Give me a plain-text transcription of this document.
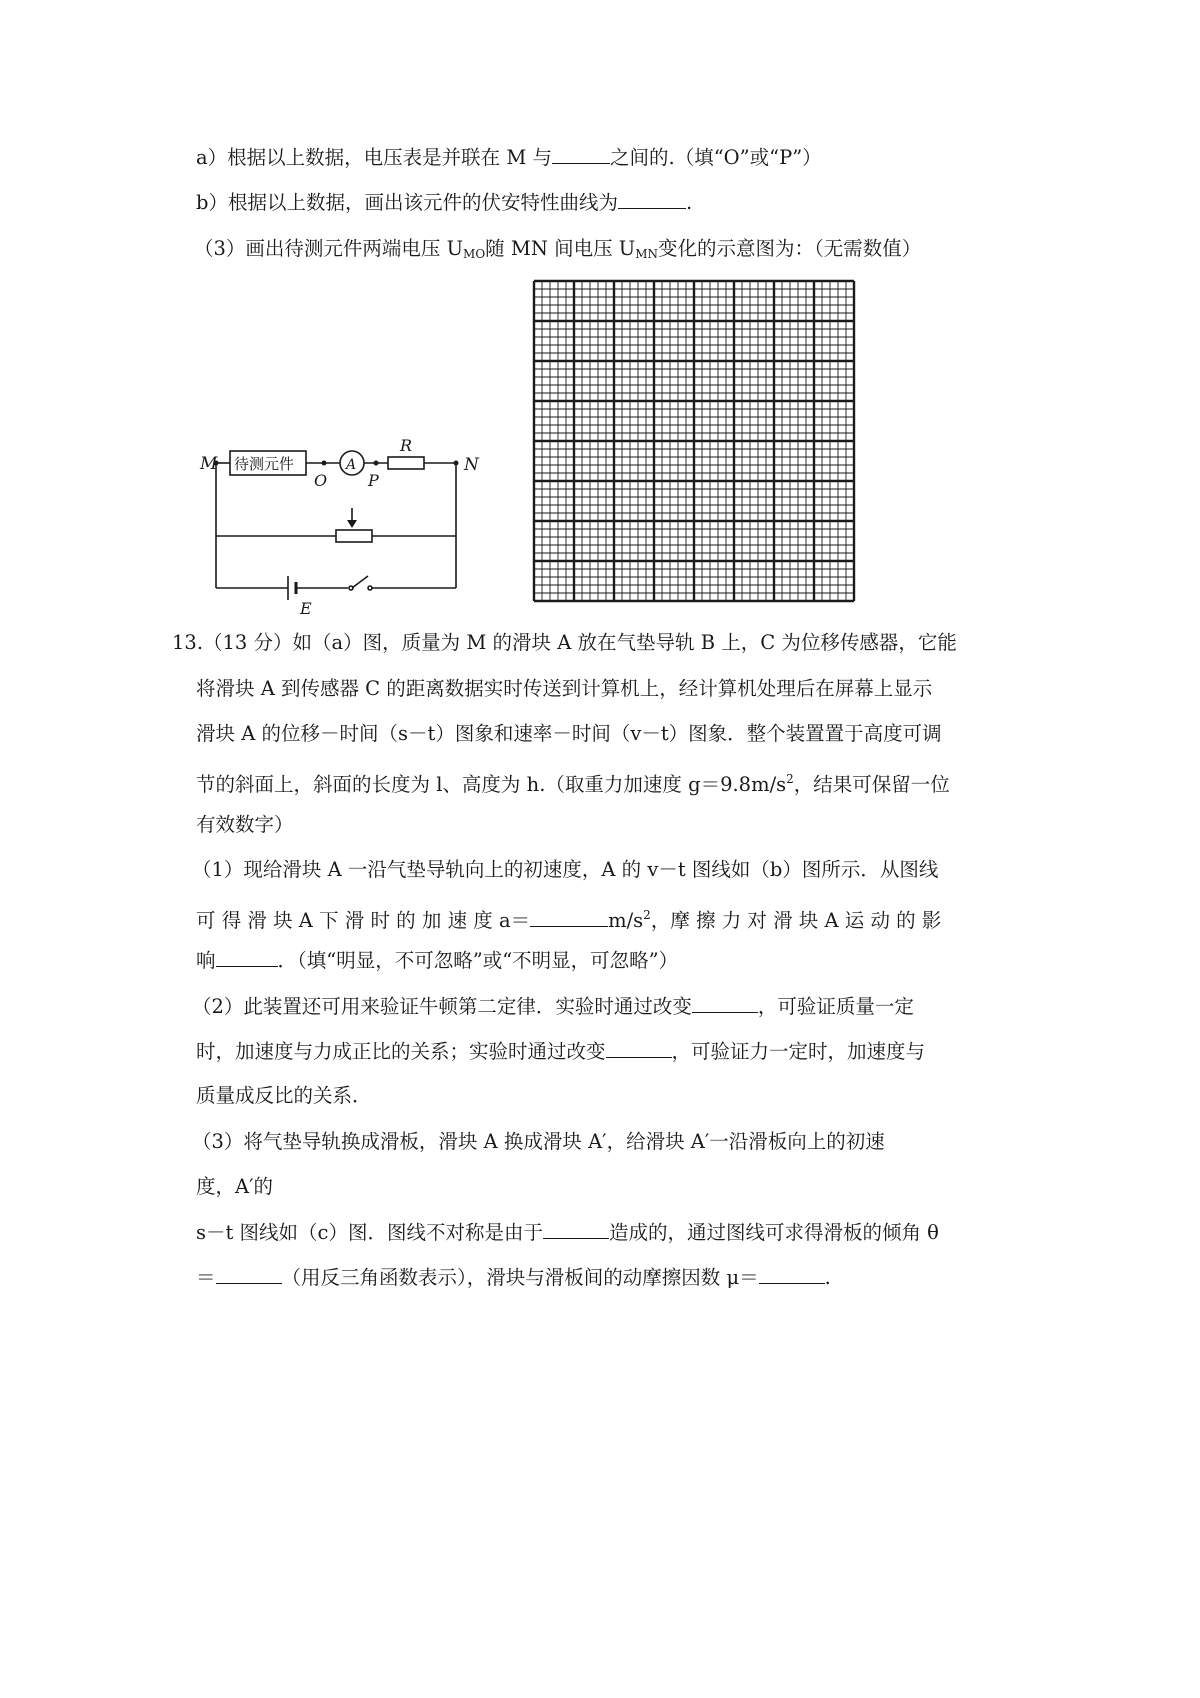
a）根据以上数据，电压表是并联在 M 与	之间的.（填“O”或“P”）
b）根据以上数据，画出该元件的伏安特性曲线为	.
（3）画出待测元件两端电压 $U_{MO}$随 MN 间电压 $U_{MN}$变化的示意图为：（无需数值）
待测元件
M
O
A
P
R
N
E
13.（13 分）如（a）图，质量为 M 的滑块 A 放在气垫导轨 B 上，C 为位移传感器，它能
将滑块 A 到传感器 C 的距离数据实时传送到计算机上，经计算机处理后在屏幕上显示
滑块 A 的位移－时间（s－t）图象和速率－时间（v－t）图象．整个装置置于高度可调
节的斜面上，斜面的长度为 l、高度为 h.（取重力加速度 $g=9.8m/s^2$，结果可保留一位
有效数字）
（1）现给滑块 A 一沿气垫导轨向上的初速度，A 的 v－t 图线如（b）图所示．从图线
可 得 滑 块 A 下 滑 时 的 加 速 度 a＝	$m/s^2$，摩 擦 力 对 滑 块 A 运 动 的 影
响	．（填“明显，不可忽略”或“不明显，可忽略”）
（2）此装置还可用来验证牛顿第二定律．实验时通过改变	，可验证质量一定
时，加速度与力成正比的关系；实验时通过改变	，可验证力一定时，加速度与
质量成反比的关系．
（3）将气垫导轨换成滑板，滑块 A 换成滑块 A′，给滑块 A′一沿滑板向上的初速
度，A′的
s－t 图线如（c）图．图线不对称是由于	造成的，通过图线可求得滑板的倾角 θ
＝	（用反三角函数表示），滑块与滑板间的动摩擦因数 μ＝	.
